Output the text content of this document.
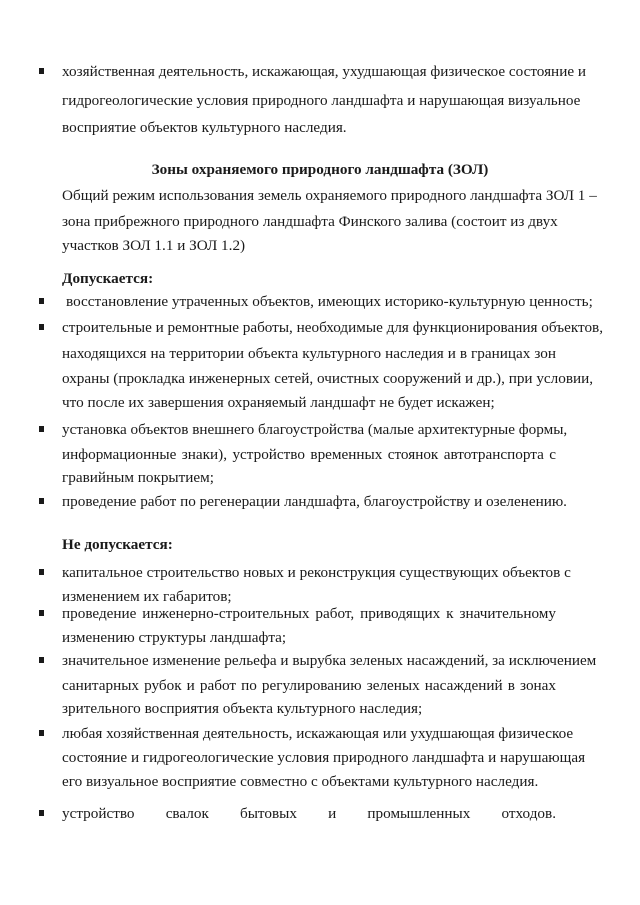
хозяйственная деятельность, искажающая, ухудшающая физическое состояние и
гидрогеологические условия природного ландшафта и нарушающая визуальное
восприятие объектов культурного наследия.
Зоны охраняемого природного ландшафта (ЗОЛ)
Общий режим использования земель охраняемого природного ландшафта ЗОЛ 1 –
зона прибрежного природного ландшафта Финского залива (состоит из двух
участков ЗОЛ 1.1 и ЗОЛ 1.2)
Допускается:
восстановление утраченных объектов, имеющих историко-культурную ценность;
строительные и ремонтные работы, необходимые для функционирования объектов,
находящихся на территории объекта культурного наследия и в границах зон
охраны (прокладка инженерных сетей, очистных сооружений и др.), при условии,
что после их завершения охраняемый ландшафт не будет искажен;
установка объектов внешнего благоустройства (малые архитектурные формы,
информационные знаки), устройство временных стоянок автотранспорта с
гравийным покрытием;
проведение работ по регенерации ландшафта, благоустройству и озеленению.
Не допускается:
капитальное строительство новых и реконструкция существующих объектов с
изменением их габаритов;
проведение инженерно-строительных работ, приводящих к значительному
изменению структуры ландшафта;
значительное изменение рельефа и вырубка зеленых насаждений, за исключением
санитарных рубок и работ по регулированию зеленых насаждений в зонах
зрительного восприятия объекта культурного наследия;
любая хозяйственная деятельность, искажающая или ухудшающая физическое
состояние и гидрогеологические условия природного ландшафта и нарушающая
его визуальное восприятие совместно с объектами культурного наследия.
устройство свалок бытовых и промышленных отходов.
